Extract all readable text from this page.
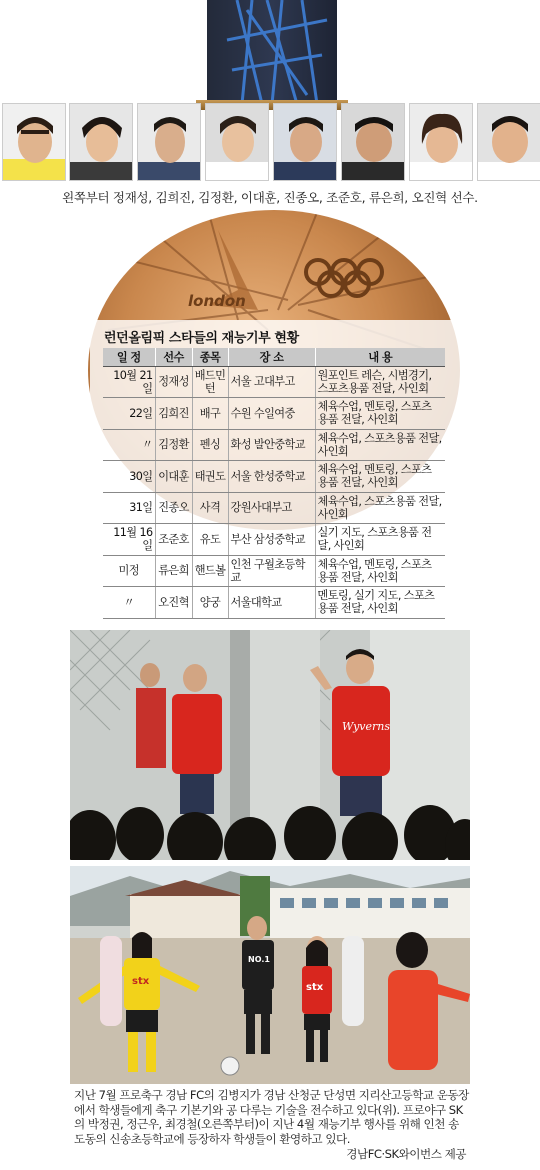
왼쪽부터 정재성, 김희진, 김정환, 이대훈, 진종오, 조준호, 류은희, 오진혁 선수.
london
런던올림픽 스타들의 재능기부 현황
일 정	선수	종목	장 소	내 용
10월 21일	정재성	배드민턴	서울 고대부고	원포인트 레슨, 시범경기, 스포츠용품 전달, 사인회
22일	김희진	배구	수원 수일여중	체육수업, 멘토링, 스포츠 용품 전달, 사인회
〃	김정환	펜싱	화성 발안중학교	체육수업, 스포츠용품 전달, 사인회
30일	이대훈	태권도	서울 한성중학교	체육수업, 멘토링, 스포츠 용품 전달, 사인회
31일	진종오	사격	강원사대부고	체육수업, 스포츠용품 전달, 사인회
11월 16일	조준호	유도	부산 삼성중학교	실기 지도, 스포츠용품 전달, 사인회
미정	류은희	핸드볼	인천 구월초등학교	체육수업, 멘토링, 스포츠 용품 전달, 사인회
〃	오진혁	양궁	서울대학교	멘토링, 실기 지도, 스포츠 용품 전달, 사인회
Wyverns
stx
NO.1
stx
지난 7월 프로축구 경남 FC의 김병지가 경남 산청군 단성면 지리산고등학교 운동장에서 학생들에게 축구 기본기와 공 다루는 기술을 전수하고 있다(위). 프로야구 SK의 박정권, 정근우, 최경철(오른쪽부터)이 지난 4월 재능기부 행사를 위해 인천 송도동의 신송초등학교에 등장하자 학생들이 환영하고 있다.
경남FC·SK와이번스 제공
